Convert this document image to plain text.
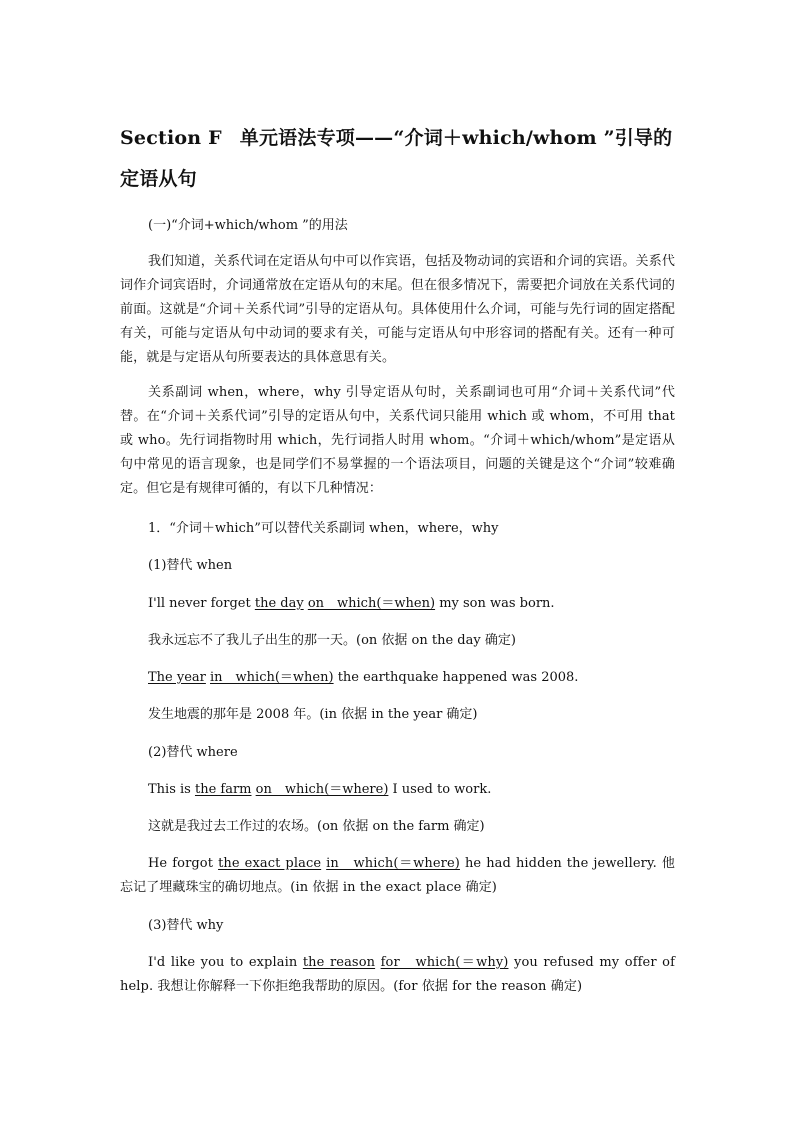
Section F 单元语法专项——“介词＋which/whom ”引导的定语从句
(一)“介词+which/whom ”的用法
我们知道，关系代词在定语从句中可以作宾语，包括及物动词的宾语和介词的宾语。关系代词作介词宾语时，介词通常放在定语从句的末尾。但在很多情况下，需要把介词放在关系代词的前面。这就是“介词＋关系代词”引导的定语从句。具体使用什么介词，可能与先行词的固定搭配有关，可能与定语从句中动词的要求有关，可能与定语从句中形容词的搭配有关。还有一种可能，就是与定语从句所要表达的具体意思有关。
关系副词 when，where，why 引导定语从句时，关系副词也可用“介词＋关系代词”代替。在“介词＋关系代词”引导的定语从句中，关系代词只能用 which 或 whom，不可用 that 或 who。先行词指物时用 which，先行词指人时用 whom。“介词＋which/whom”是定语从句中常见的语言现象，也是同学们不易掌握的一个语法项目，问题的关键是这个“介词”较难确定。但它是有规律可循的，有以下几种情况：
1．“介词＋which”可以替代关系副词 when，where，why
(1)替代 when
I'll never forget the day on　which(＝when) my son was born.
我永远忘不了我儿子出生的那一天。(on 依据 on the day 确定)
The year in　which(＝when) the earthquake happened was 2008.
发生地震的那年是 2008 年。(in 依据 in the year 确定)
(2)替代 where
This is the farm on　which(＝where) I used to work.
这就是我过去工作过的农场。(on 依据 on the farm 确定)
He forgot the exact place in　which(＝where) he had hidden the jewellery. 他忘记了埋藏珠宝的确切地点。(in 依据 in the exact place 确定)
(3)替代 why
I'd like you to explain the reason for　which(＝why) you refused my offer of help. 我想让你解释一下你拒绝我帮助的原因。(for 依据 for the reason 确定)
